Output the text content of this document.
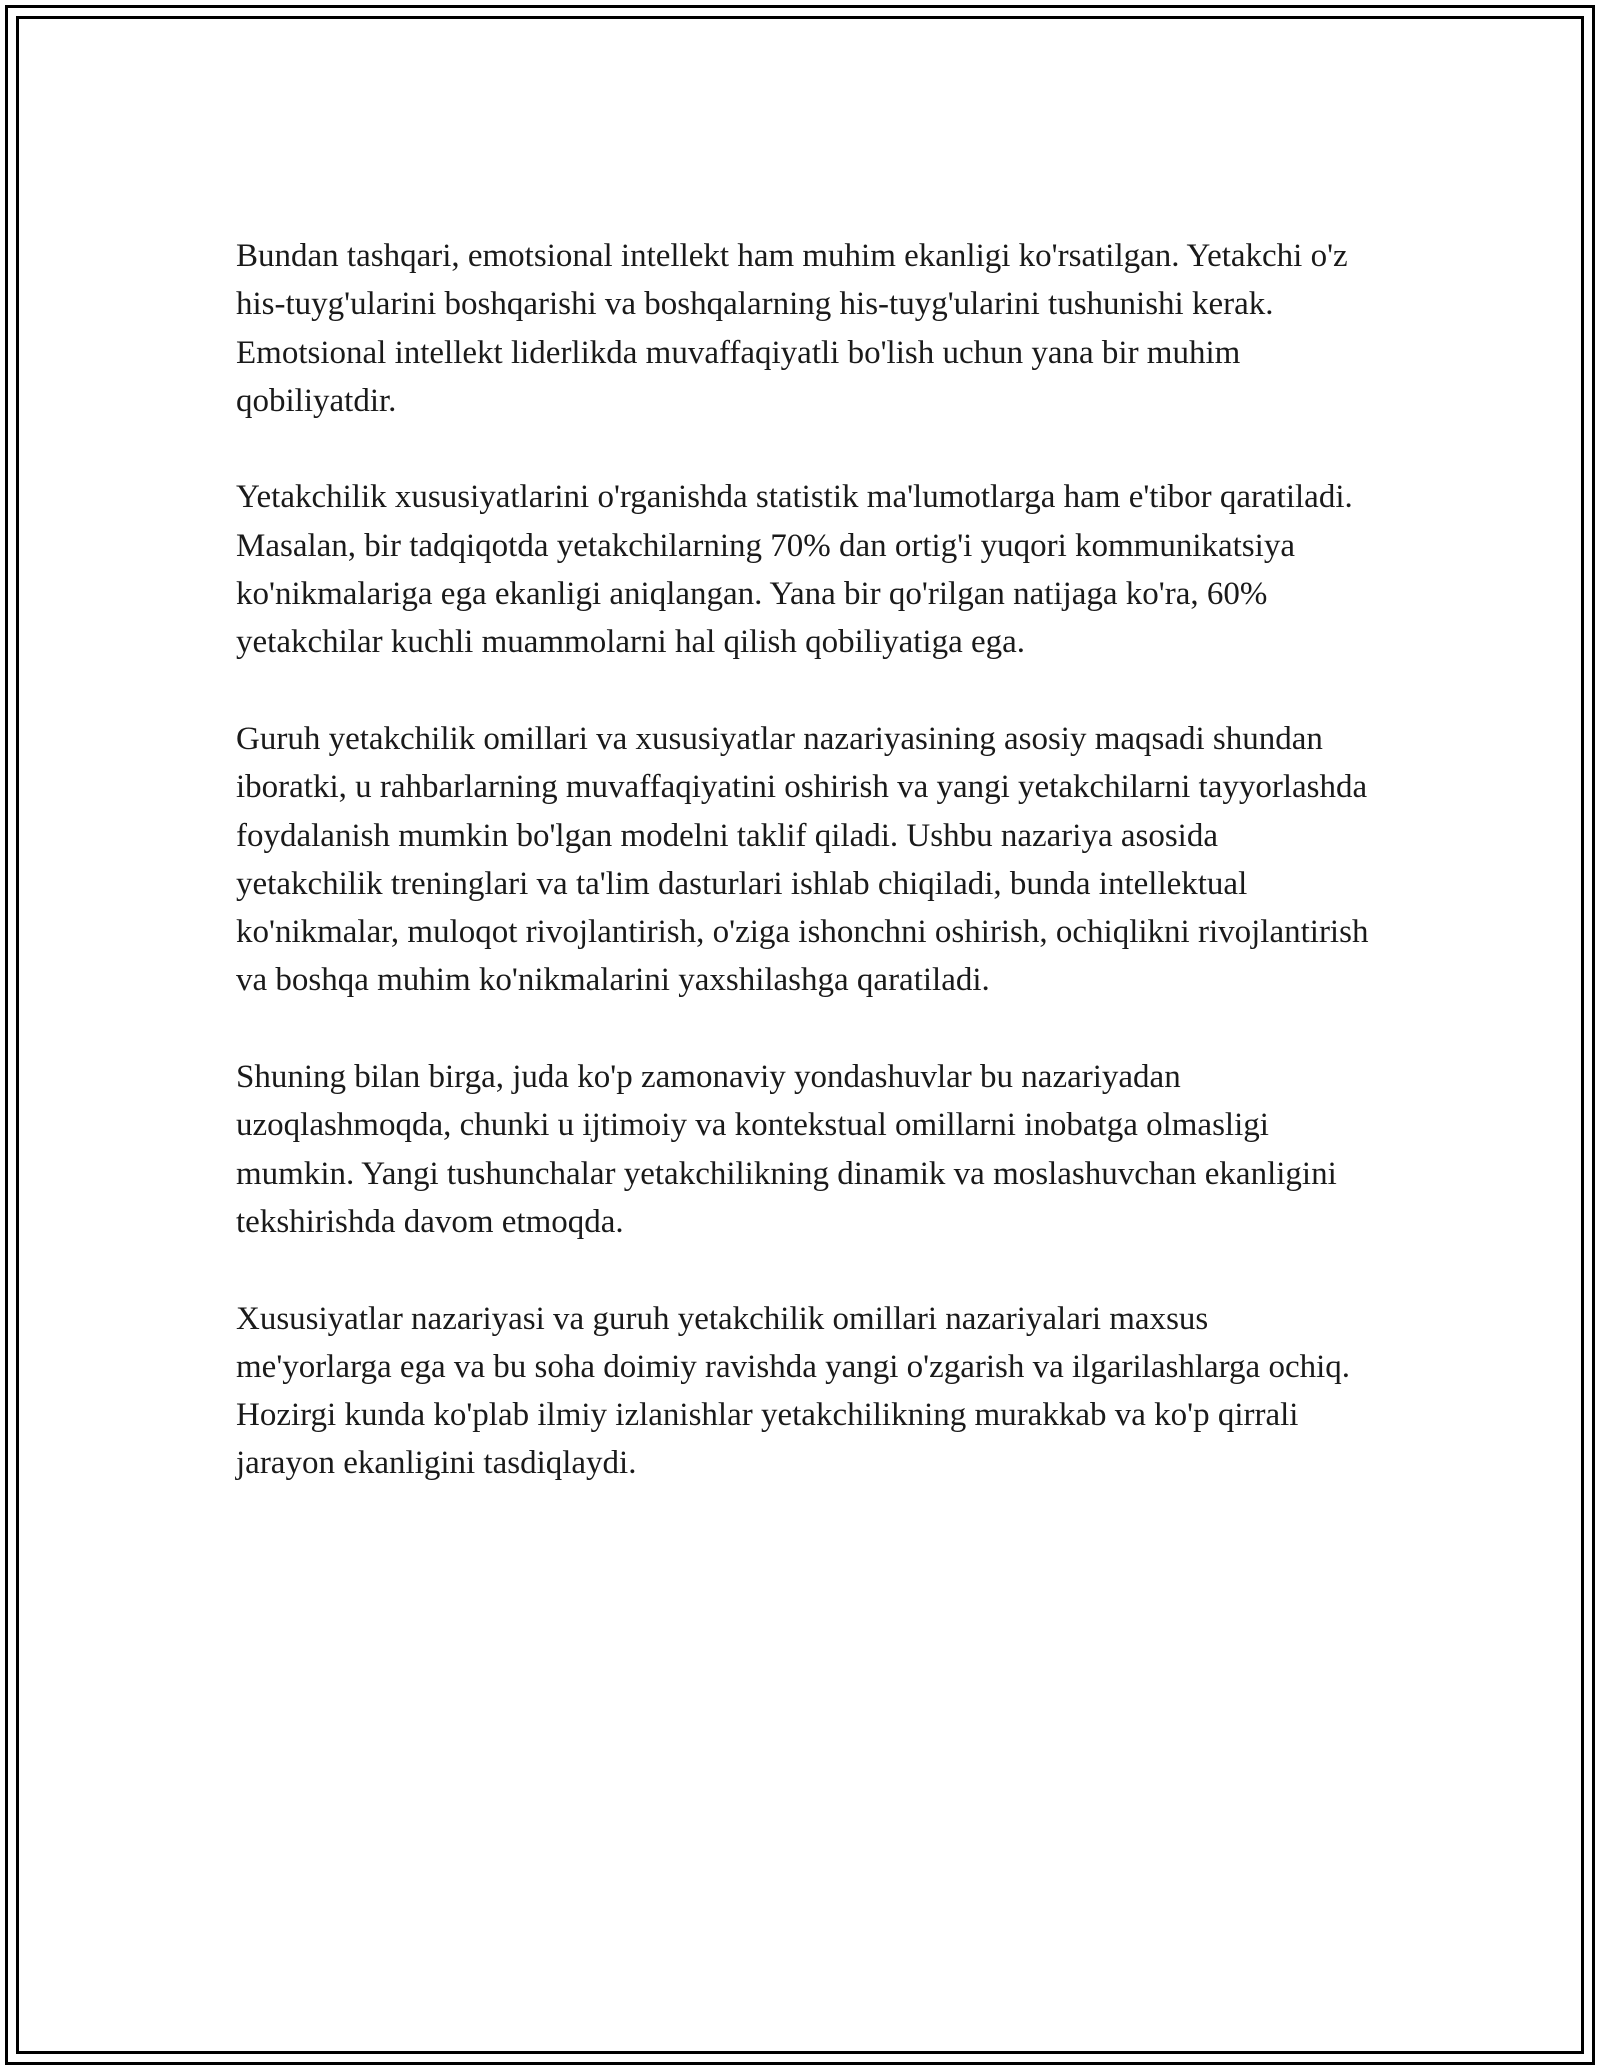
Bundan tashqari, emotsional intellekt ham muhim ekanligi ko'rsatilgan. Yetakchi o'z his-tuyg'ularini boshqarishi va boshqalarning his-tuyg'ularini tushunishi kerak. Emotsional intellekt liderlikda muvaffaqiyatli bo'lish uchun yana bir muhim qobiliyatdir.

Yetakchilik xususiyatlarini o'rganishda statistik ma'lumotlarga ham e'tibor qaratiladi. Masalan, bir tadqiqotda yetakchilarning 70% dan ortig'i yuqori kommunikatsiya ko'nikmalariga ega ekanligi aniqlangan. Yana bir qo'rilgan natijaga ko'ra, 60% yetakchilar kuchli muammolarni hal qilish qobiliyatiga ega.

Guruh yetakchilik omillari va xususiyatlar nazariyasining asosiy maqsadi shundan iboratki, u rahbarlarning muvaffaqiyatini oshirish va yangi yetakchilarni tayyorlashda foydalanish mumkin bo'lgan modelni taklif qiladi. Ushbu nazariya asosida yetakchilik treninglari va ta'lim dasturlari ishlab chiqiladi, bunda intellektual ko'nikmalar, muloqot rivojlantirish, o'ziga ishonchni oshirish, ochiqlikni rivojlantirish va boshqa muhim ko'nikmalarini yaxshilashga qaratiladi.

Shuning bilan birga, juda ko'p zamonaviy yondashuvlar bu nazariyadan uzoqlashmoqda, chunki u ijtimoiy va kontekstual omillarni inobatga olmasligi mumkin. Yangi tushunchalar yetakchilikning dinamik va moslashuvchan ekanligini tekshirishda davom etmoqda.

Xususiyatlar nazariyasi va guruh yetakchilik omillari nazariyalari maxsus me'yorlarga ega va bu soha doimiy ravishda yangi o'zgarish va ilgarilashlarga ochiq. Hozirgi kunda ko'plab ilmiy izlanishlar yetakchilikning murakkab va ko'p qirrali jarayon ekanligini tasdiqlaydi.
